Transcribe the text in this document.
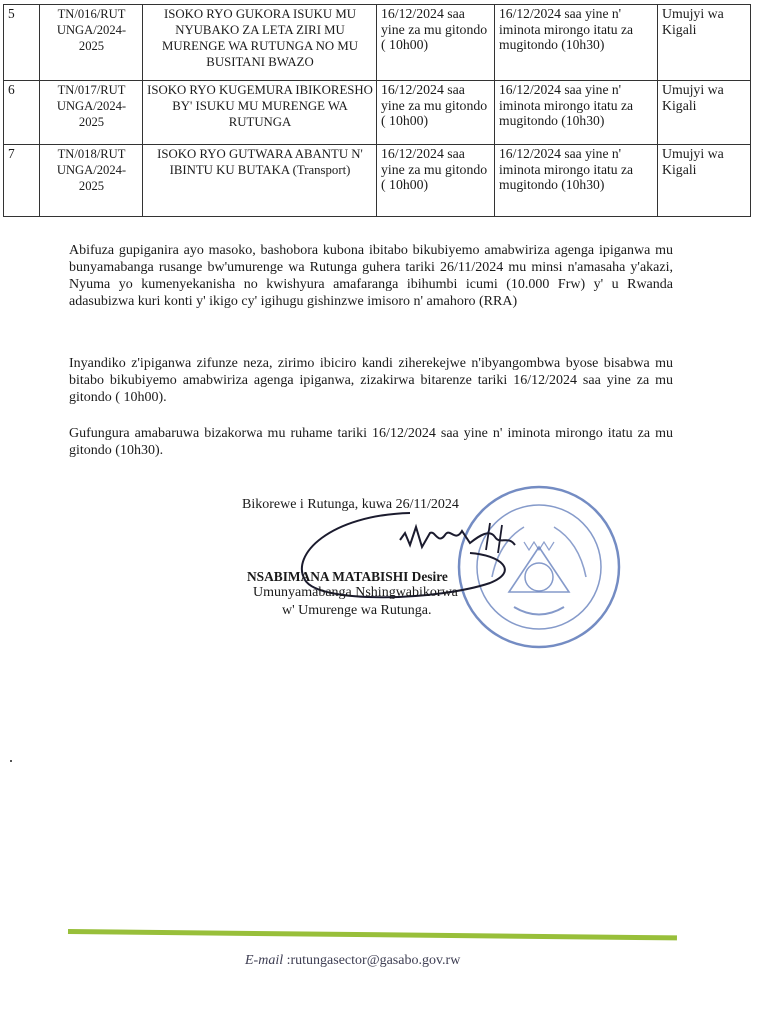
5	TN/016/RUT
UNGA/2024-
2025	ISOKO RYO GUKORA ISUKU MU NYUBAKO ZA LETA ZIRI MU MURENGE WA RUTUNGA NO MU BUSITANI BWAZO	16/12/2024 saa yine za mu gitondo ( 10h00)	16/12/2024 saa yine n' iminota mirongo itatu za mugitondo (10h30)	Umujyi wa Kigali
6	TN/017/RUT
UNGA/2024-
2025	ISOKO RYO KUGEMURA IBIKORESHO BY' ISUKU MU MURENGE WA RUTUNGA	16/12/2024 saa yine za mu gitondo ( 10h00)	16/12/2024 saa yine n' iminota mirongo itatu za mugitondo (10h30)	Umujyi wa Kigali
7	TN/018/RUT
UNGA/2024-
2025	ISOKO RYO GUTWARA ABANTU N' IBINTU KU BUTAKA (Transport)	16/12/2024 saa yine za mu gitondo ( 10h00)	16/12/2024 saa yine n' iminota mirongo itatu za mugitondo (10h30)	Umujyi wa Kigali
Abifuza gupiganira ayo masoko, bashobora kubona ibitabo bikubiyemo amabwiriza agenga ipiganwa mu bunyamabanga rusange bw'umurenge wa Rutunga guhera tariki 26/11/2024 mu minsi n'amasaha y'akazi, Nyuma yo kumenyekanisha no kwishyura amafaranga ibihumbi icumi (10.000 Frw) y' u Rwanda adasubizwa kuri konti y' ikigo cy' igihugu gishinzwe imisoro n' amahoro (RRA)
Inyandiko z'ipiganwa zifunze neza, zirimo ibiciro kandi ziherekejwe n'ibyangombwa byose bisabwa mu bitabo bikubiyemo amabwiriza agenga ipiganwa, zizakirwa bitarenze tariki 16/12/2024 saa yine za mu gitondo ( 10h00).
Gufungura amabaruwa bizakorwa mu ruhame tariki 16/12/2024 saa yine n' iminota mirongo itatu za mu gitondo (10h30).
Bikorewe i Rutunga, kuwa 26/11/2024
NSABIMANA MATABISHI Desire
Umunyamabanga Nshingwabikorwa
w' Umurenge wa Rutunga.
E-mail :rutungasector@gasabo.gov.rw
